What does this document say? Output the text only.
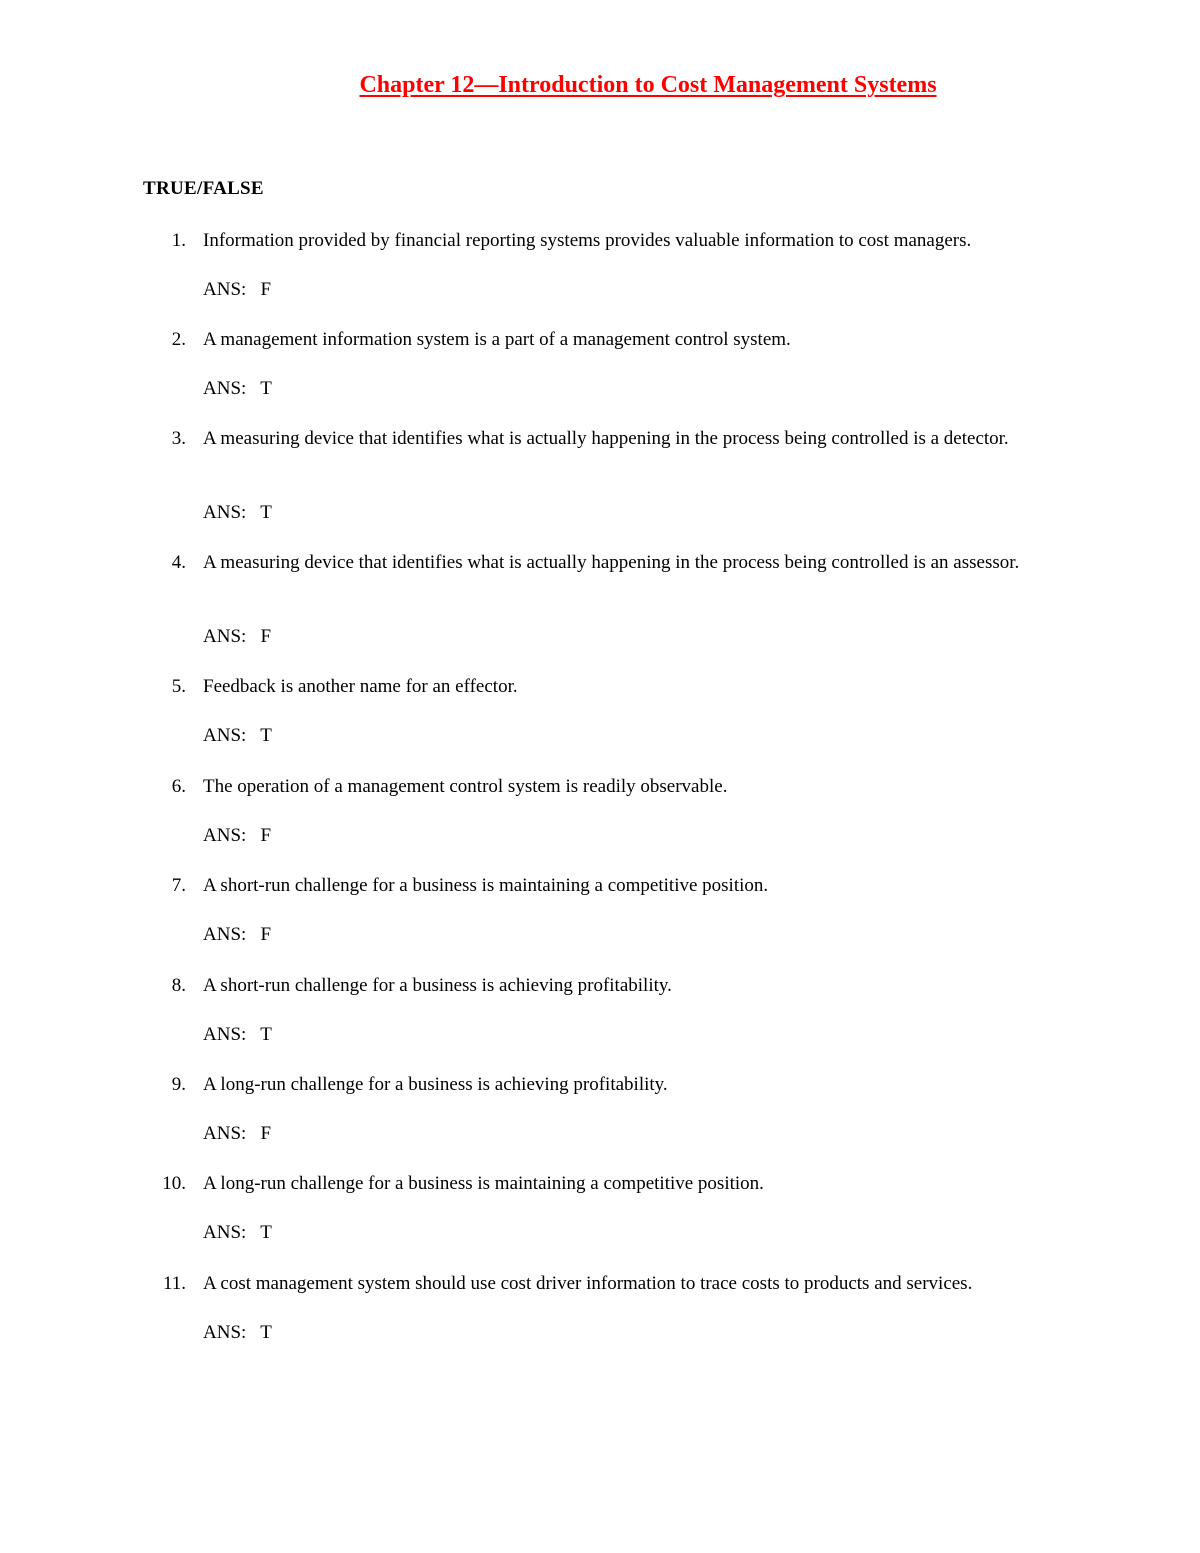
Chapter 12—Introduction to Cost Management Systems
TRUE/FALSE
1. Information provided by financial reporting systems provides valuable information to cost managers.
ANS:   F
2. A management information system is a part of a management control system.
ANS:   T
3. A measuring device that identifies what is actually happening in the process being controlled is a detector.
ANS:   T
4. A measuring device that identifies what is actually happening in the process being controlled is an assessor.
ANS:   F
5. Feedback is another name for an effector.
ANS:   T
6. The operation of a management control system is readily observable.
ANS:   F
7. A short-run challenge for a business is maintaining a competitive position.
ANS:   F
8. A short-run challenge for a business is achieving profitability.
ANS:   T
9. A long-run challenge for a business is achieving profitability.
ANS:   F
10. A long-run challenge for a business is maintaining a competitive position.
ANS:   T
11. A cost management system should use cost driver information to trace costs to products and services.
ANS:   T
